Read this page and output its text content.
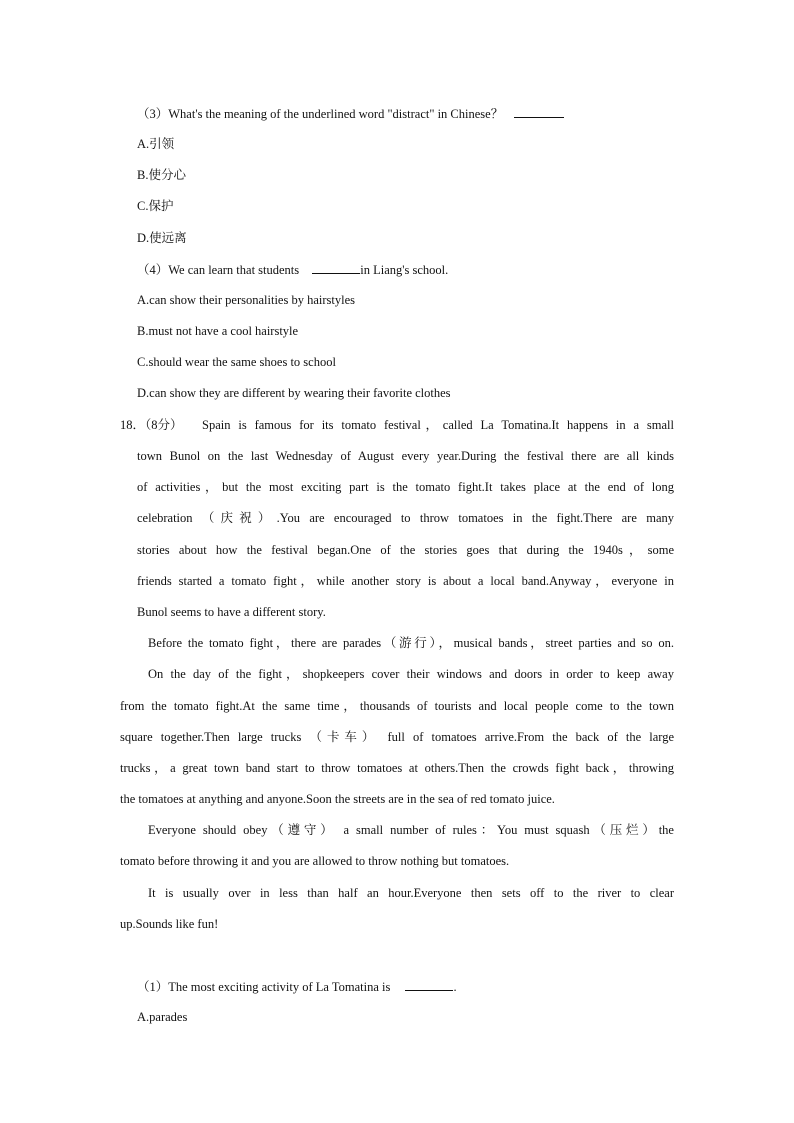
（3）What's the meaning of the underlined word "distract" in Chinese？
A.引领
B.使分心
C.保护
D.使远离
（4）We can learn that students	in Liang's school.
A.can show their personalities by hairstyles
B.must not have a cool hairstyle
C.should wear the same shoes to school
D.can show they are different by wearing their favorite clothes
18．（8分） Spain is famous for its tomato festival，called La Tomatina.It happens in a small
town Bunol on the last Wednesday of August every year.During the festival there are all kinds
of activities，but the most exciting part is the tomato fight.It takes place at the end of long
celebration （庆祝）.You are encouraged to throw tomatoes in the fight.There are many
stories about how the festival began.One of the stories goes that during the 1940s，some
friends started a tomato fight，while another story is about a local band.Anyway，everyone in
Bunol seems to have a different story.
Before the tomato fight，there are parades（游行），musical bands，street parties and so on.
On the day of the fight，shopkeepers cover their windows and doors in order to keep away
from the tomato fight.At the same time，thousands of tourists and local people come to the town
square together.Then large trucks （卡车） full of tomatoes arrive.From the back of the large
trucks，a great town band start to throw tomatoes at others.Then the crowds fight back，throwing
the tomatoes at anything and anyone.Soon the streets are in the sea of red tomato juice.
Everyone should obey（遵守） a small number of rules：You must squash（压烂）the
tomato before throwing it and you are allowed to throw nothing but tomatoes.
It is usually over in less than half an hour.Everyone then sets off to the river to clear
up.Sounds like fun!
（1）The most exciting activity of La Tomatina is	.
A.parades
